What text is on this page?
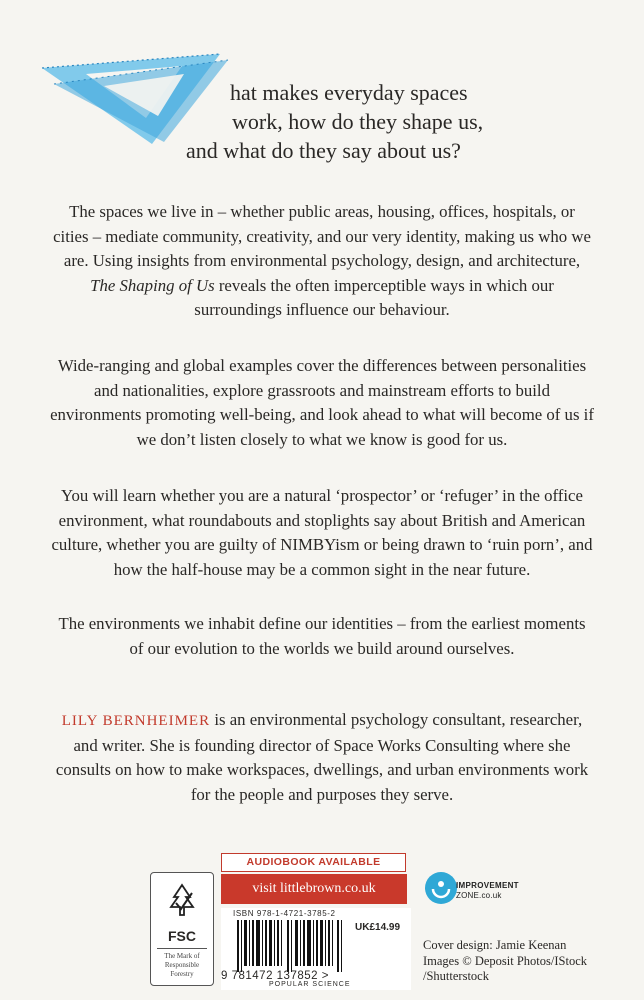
hat makes everyday spaces
work, how do they shape us,

and what do they say about us?
The spaces we live in – whether public areas, housing, offices, hospitals, or cities – mediate community, creativity, and our very identity, making us who we are. Using insights from environmental psychology, design, and architecture, The Shaping of Us reveals the often imperceptible ways in which our surroundings influence our behaviour.
Wide-ranging and global examples cover the differences between personalities and nationalities, explore grassroots and mainstream efforts to build environments promoting well-being, and look ahead to what will become of us if we don’t listen closely to what we know is good for us.
You will learn whether you are a natural ‘prospector’ or ‘refuger’ in the office environment, what roundabouts and stoplights say about British and American culture, whether you are guilty of NIMBYism or being drawn to ‘ruin porn’, and how the half-house may be a common sight in the near future.
The environments we inhabit define our identities – from the earliest moments of our evolution to the worlds we build around ourselves.
LILY BERNHEIMER is an environmental psychology consultant, researcher, and writer. She is founding director of Space Works Consulting where she consults on how to make workspaces, dwellings, and urban environments work for the people and purposes they serve.
FSC
The Mark of Responsible Forestry
AUDIOBOOK AVAILABLE
visit littlebrown.co.uk
ISBN 978-1-4721-3785-2
UK£14.99
9 781472 137852 >
POPULAR SCIENCE
IMPROVEMENT
ZONE.co.uk
Cover design: Jamie Keenan
Images © Deposit Photos/IStock
/Shutterstock
